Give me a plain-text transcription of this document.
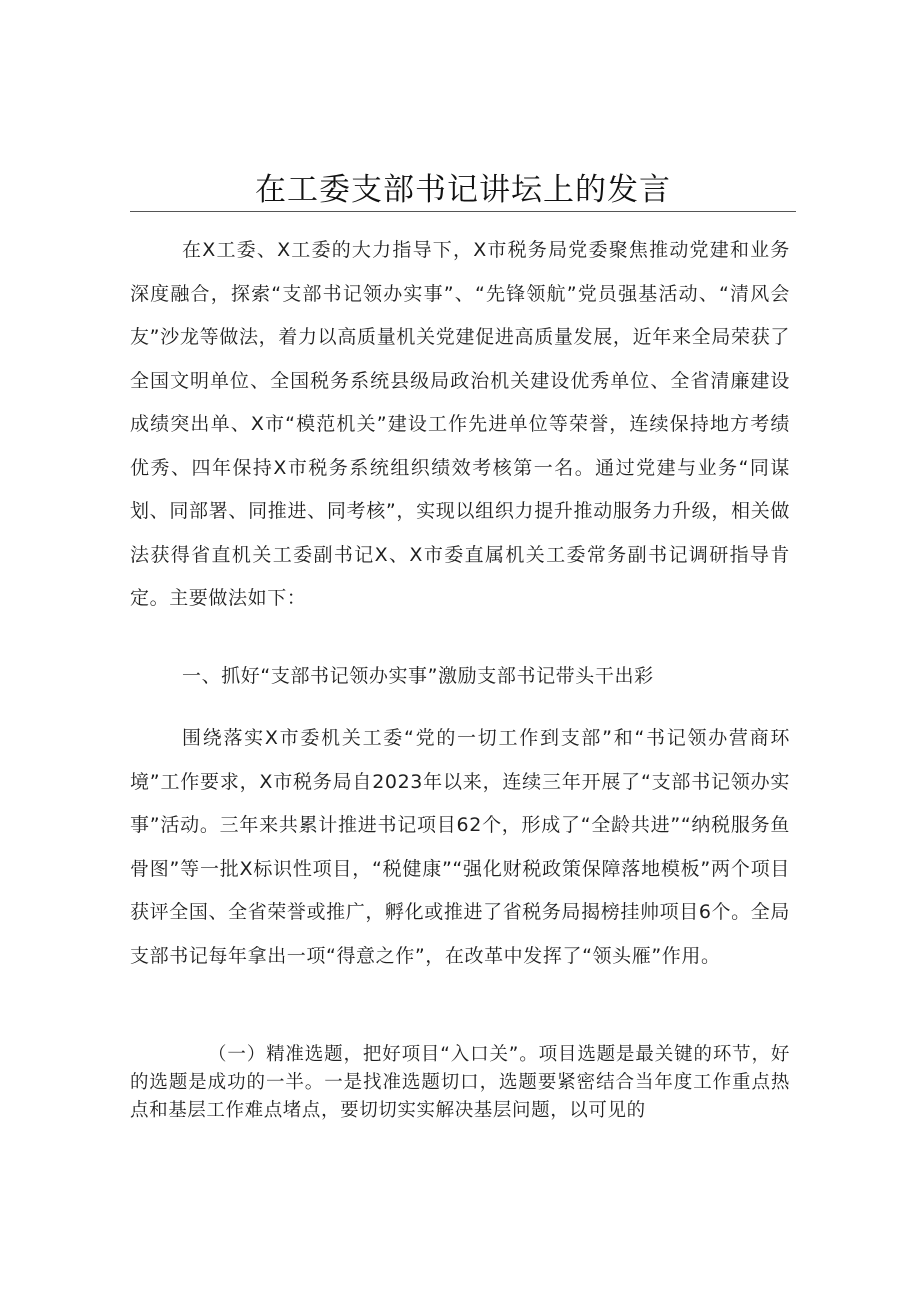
在工委支部书记讲坛上的发言
在X工委、X工委的大力指导下，X市税务局党委聚焦推动党建和业务深度融合，探索“支部书记领办实事”、“先锋领航”党员强基活动、“清风会友”沙龙等做法，着力以高质量机关党建促进高质量发展，近年来全局荣获了全国文明单位、全国税务系统县级局政治机关建设优秀单位、全省清廉建设成绩突出单、X市“模范机关”建设工作先进单位等荣誉，连续保持地方考绩优秀、四年保持X市税务系统组织绩效考核第一名。通过党建与业务“同谋划、同部署、同推进、同考核”，实现以组织力提升推动服务力升级，相关做法获得省直机关工委副书记X、X市委直属机关工委常务副书记调研指导肯定。主要做法如下：
一、抓好“支部书记领办实事”激励支部书记带头干出彩
围绕落实X市委机关工委“党的一切工作到支部”和“书记领办营商环境”工作要求，X市税务局自2023年以来，连续三年开展了“支部书记领办实事”活动。三年来共累计推进书记项目62个，形成了“全龄共进”“纳税服务鱼骨图”等一批X标识性项目，“税健康”“强化财税政策保障落地模板”两个项目获评全国、全省荣誉或推广，孵化或推进了省税务局揭榜挂帅项目6个。全局支部书记每年拿出一项“得意之作”，在改革中发挥了“领头雁”作用。
（一）精准选题，把好项目“入口关”。项目选题是最关键的环节，好的选题是成功的一半。一是找准选题切口，选题要紧密结合当年度工作重点热点和基层工作难点堵点，要切切实实解决基层问题，以可见的
